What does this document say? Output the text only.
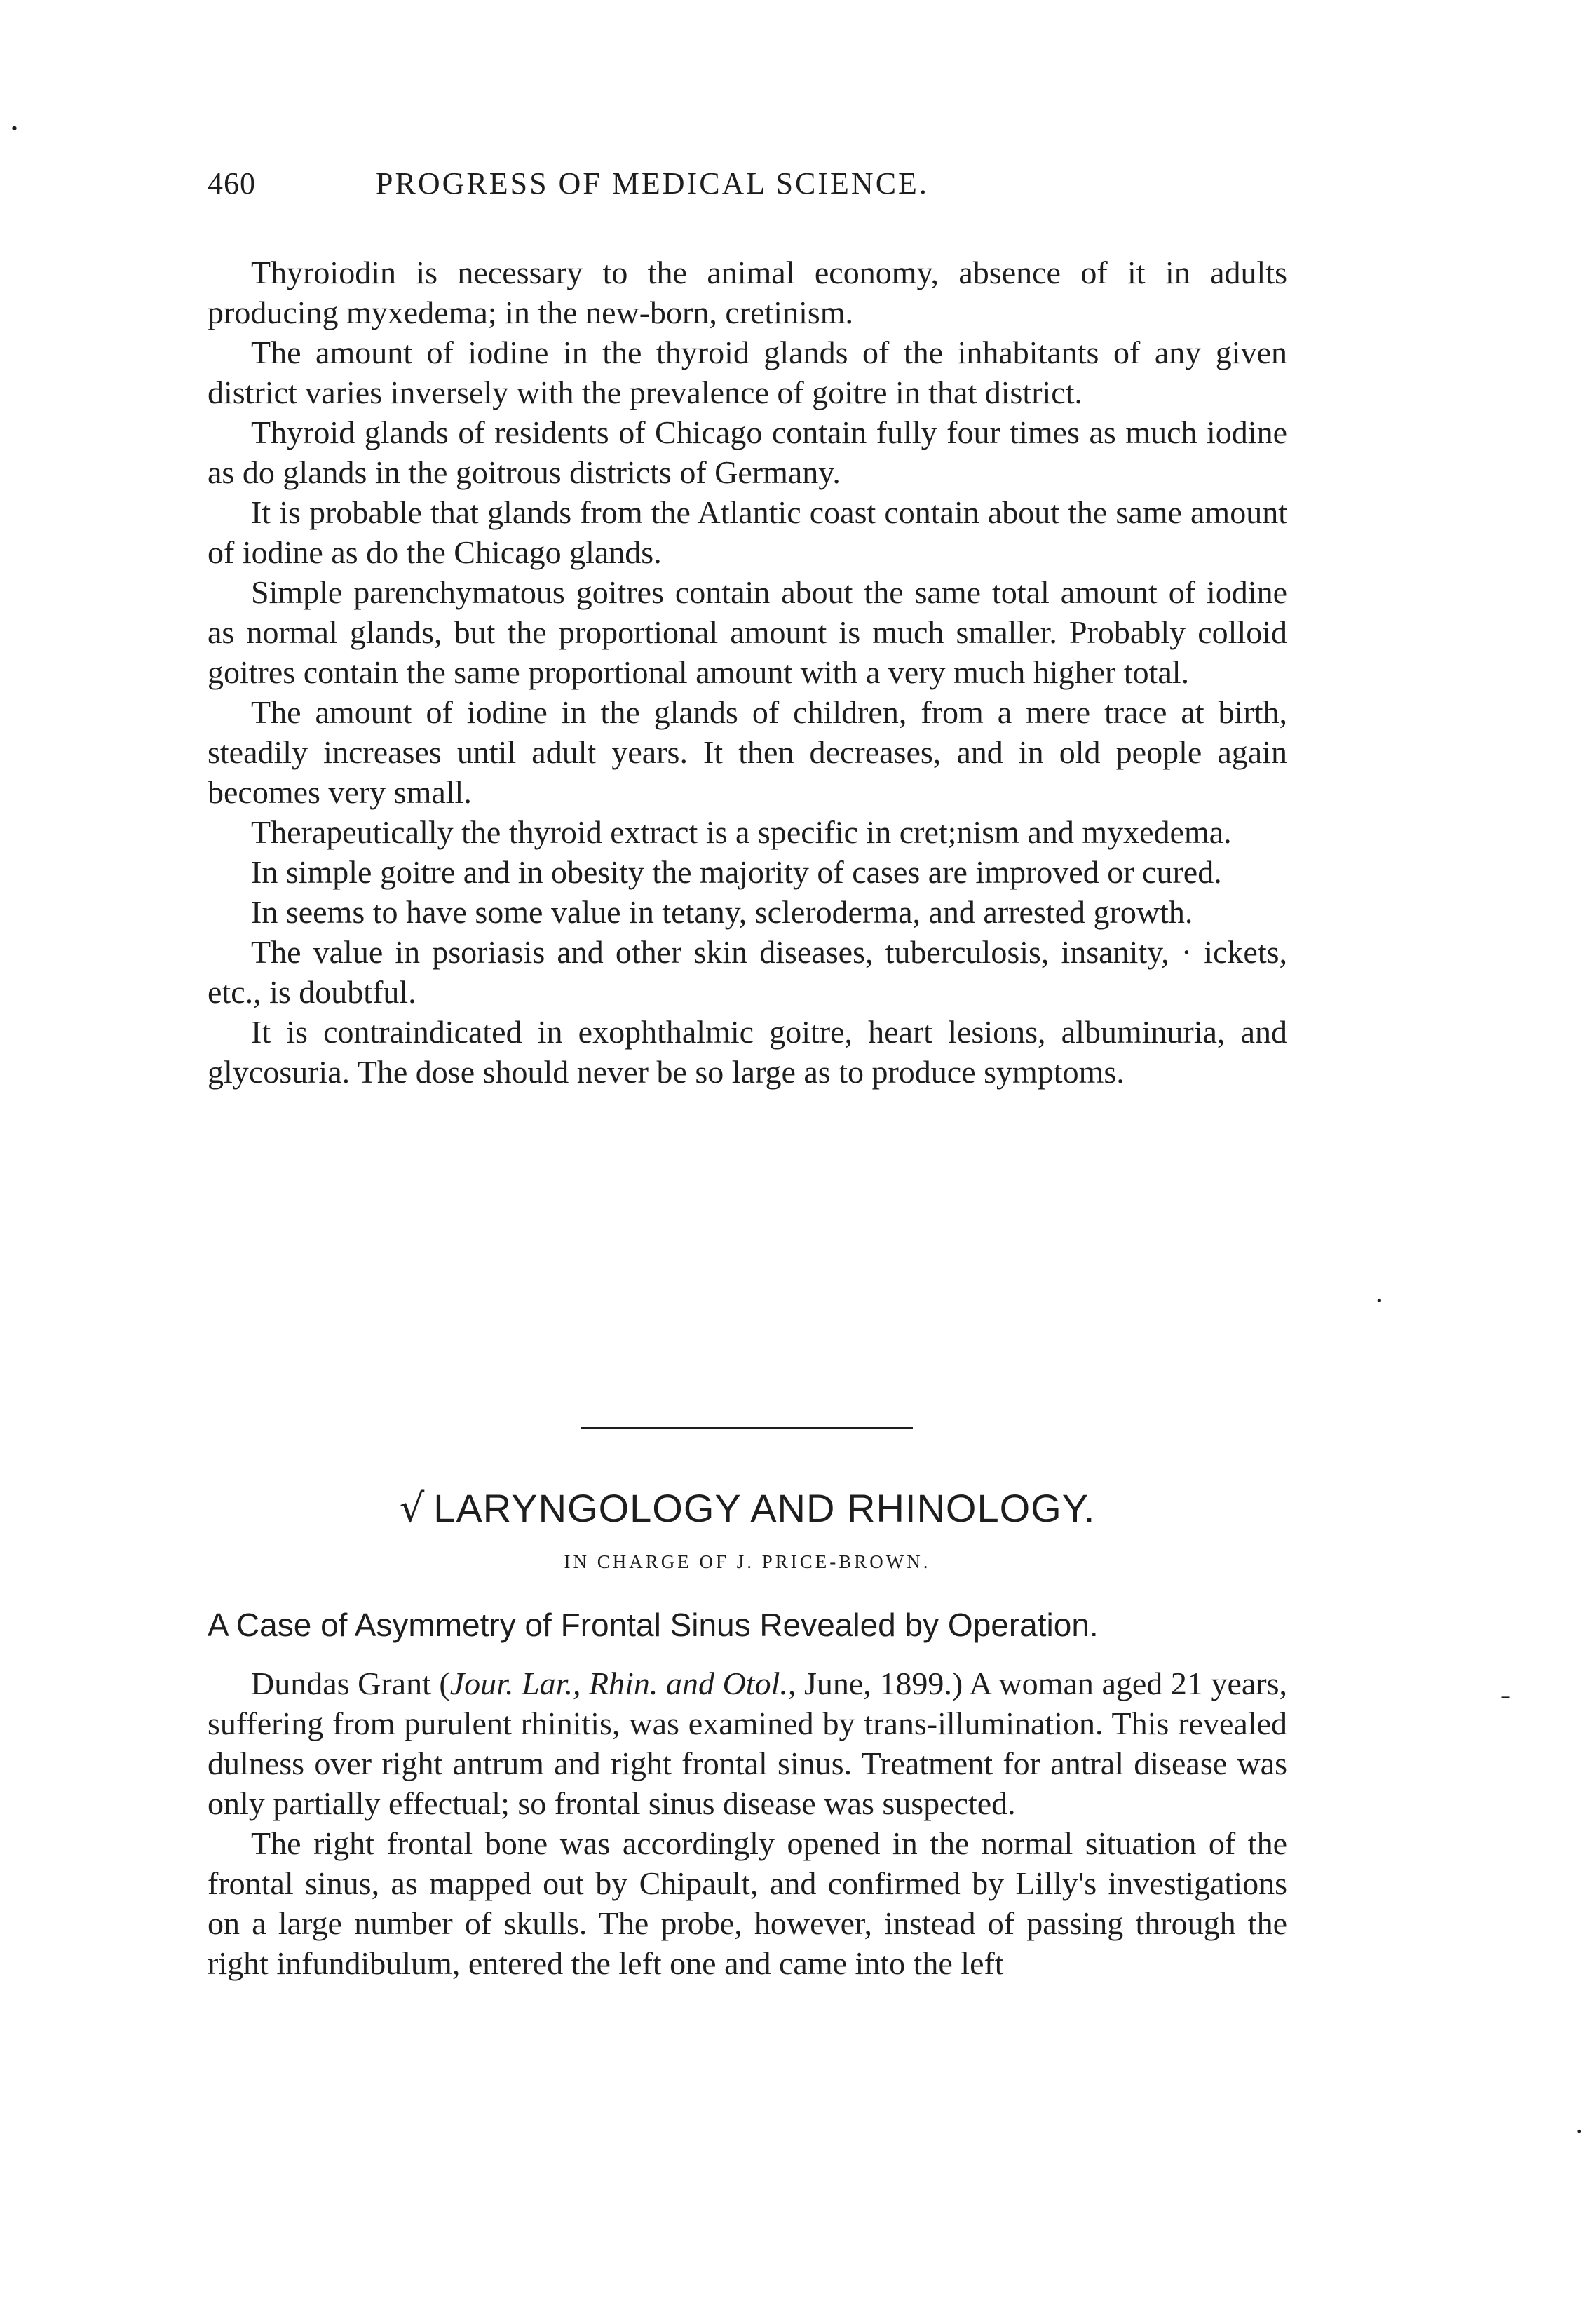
•
460	PROGRESS OF MEDICAL SCIENCE.

Thyroiodin is necessary to the animal economy, absence of it in adults producing myxedema; in the new-born, cretinism.

The amount of iodine in the thyroid glands of the inhabitants of any given district varies inversely with the prevalence of goitre in that district.

Thyroid glands of residents of Chicago contain fully four times as much iodine as do glands in the goitrous districts of Germany.

It is probable that glands from the Atlantic coast contain about the same amount of iodine as do the Chicago glands.

Simple parenchymatous goitres contain about the same total amount of iodine as normal glands, but the proportional amount is much smaller. Probably colloid goitres contain the same proportional amount with a very much higher total.

The amount of iodine in the glands of children, from a mere trace at birth, steadily increases until adult years. It then decreases, and in old people again becomes very small.

Therapeutically the thyroid extract is a specific in cret;nism and myxedema.

In simple goitre and in obesity the majority of cases are improved or cured.

In seems to have some value in tetany, scleroderma, and arrested growth.

The value in psoriasis and other skin diseases, tuberculosis, insanity, · ickets, etc., is doubtful.

It is contraindicated in exophthalmic goitre, heart lesions, albuminuria, and glycosuria. The dose should never be so large as to produce symptoms.

•
√ LARYNGOLOGY AND RHINOLOGY.
IN CHARGE OF J. PRICE-BROWN.
A Case of Asymmetry of Frontal Sinus Revealed by Operation.
–

Dundas Grant (Jour. Lar., Rhin. and Otol., June, 1899.) A woman aged 21 years, suffering from purulent rhinitis, was examined by trans-illumination. This revealed dulness over right antrum and right frontal sinus. Treatment for antral disease was only partially effectual; so frontal sinus disease was suspected.

The right frontal bone was accordingly opened in the normal situation of the frontal sinus, as mapped out by Chipault, and confirmed by Lilly's investigations on a large number of skulls. The probe, however, instead of passing through the right infundibulum, entered the left one and came into the left

•
